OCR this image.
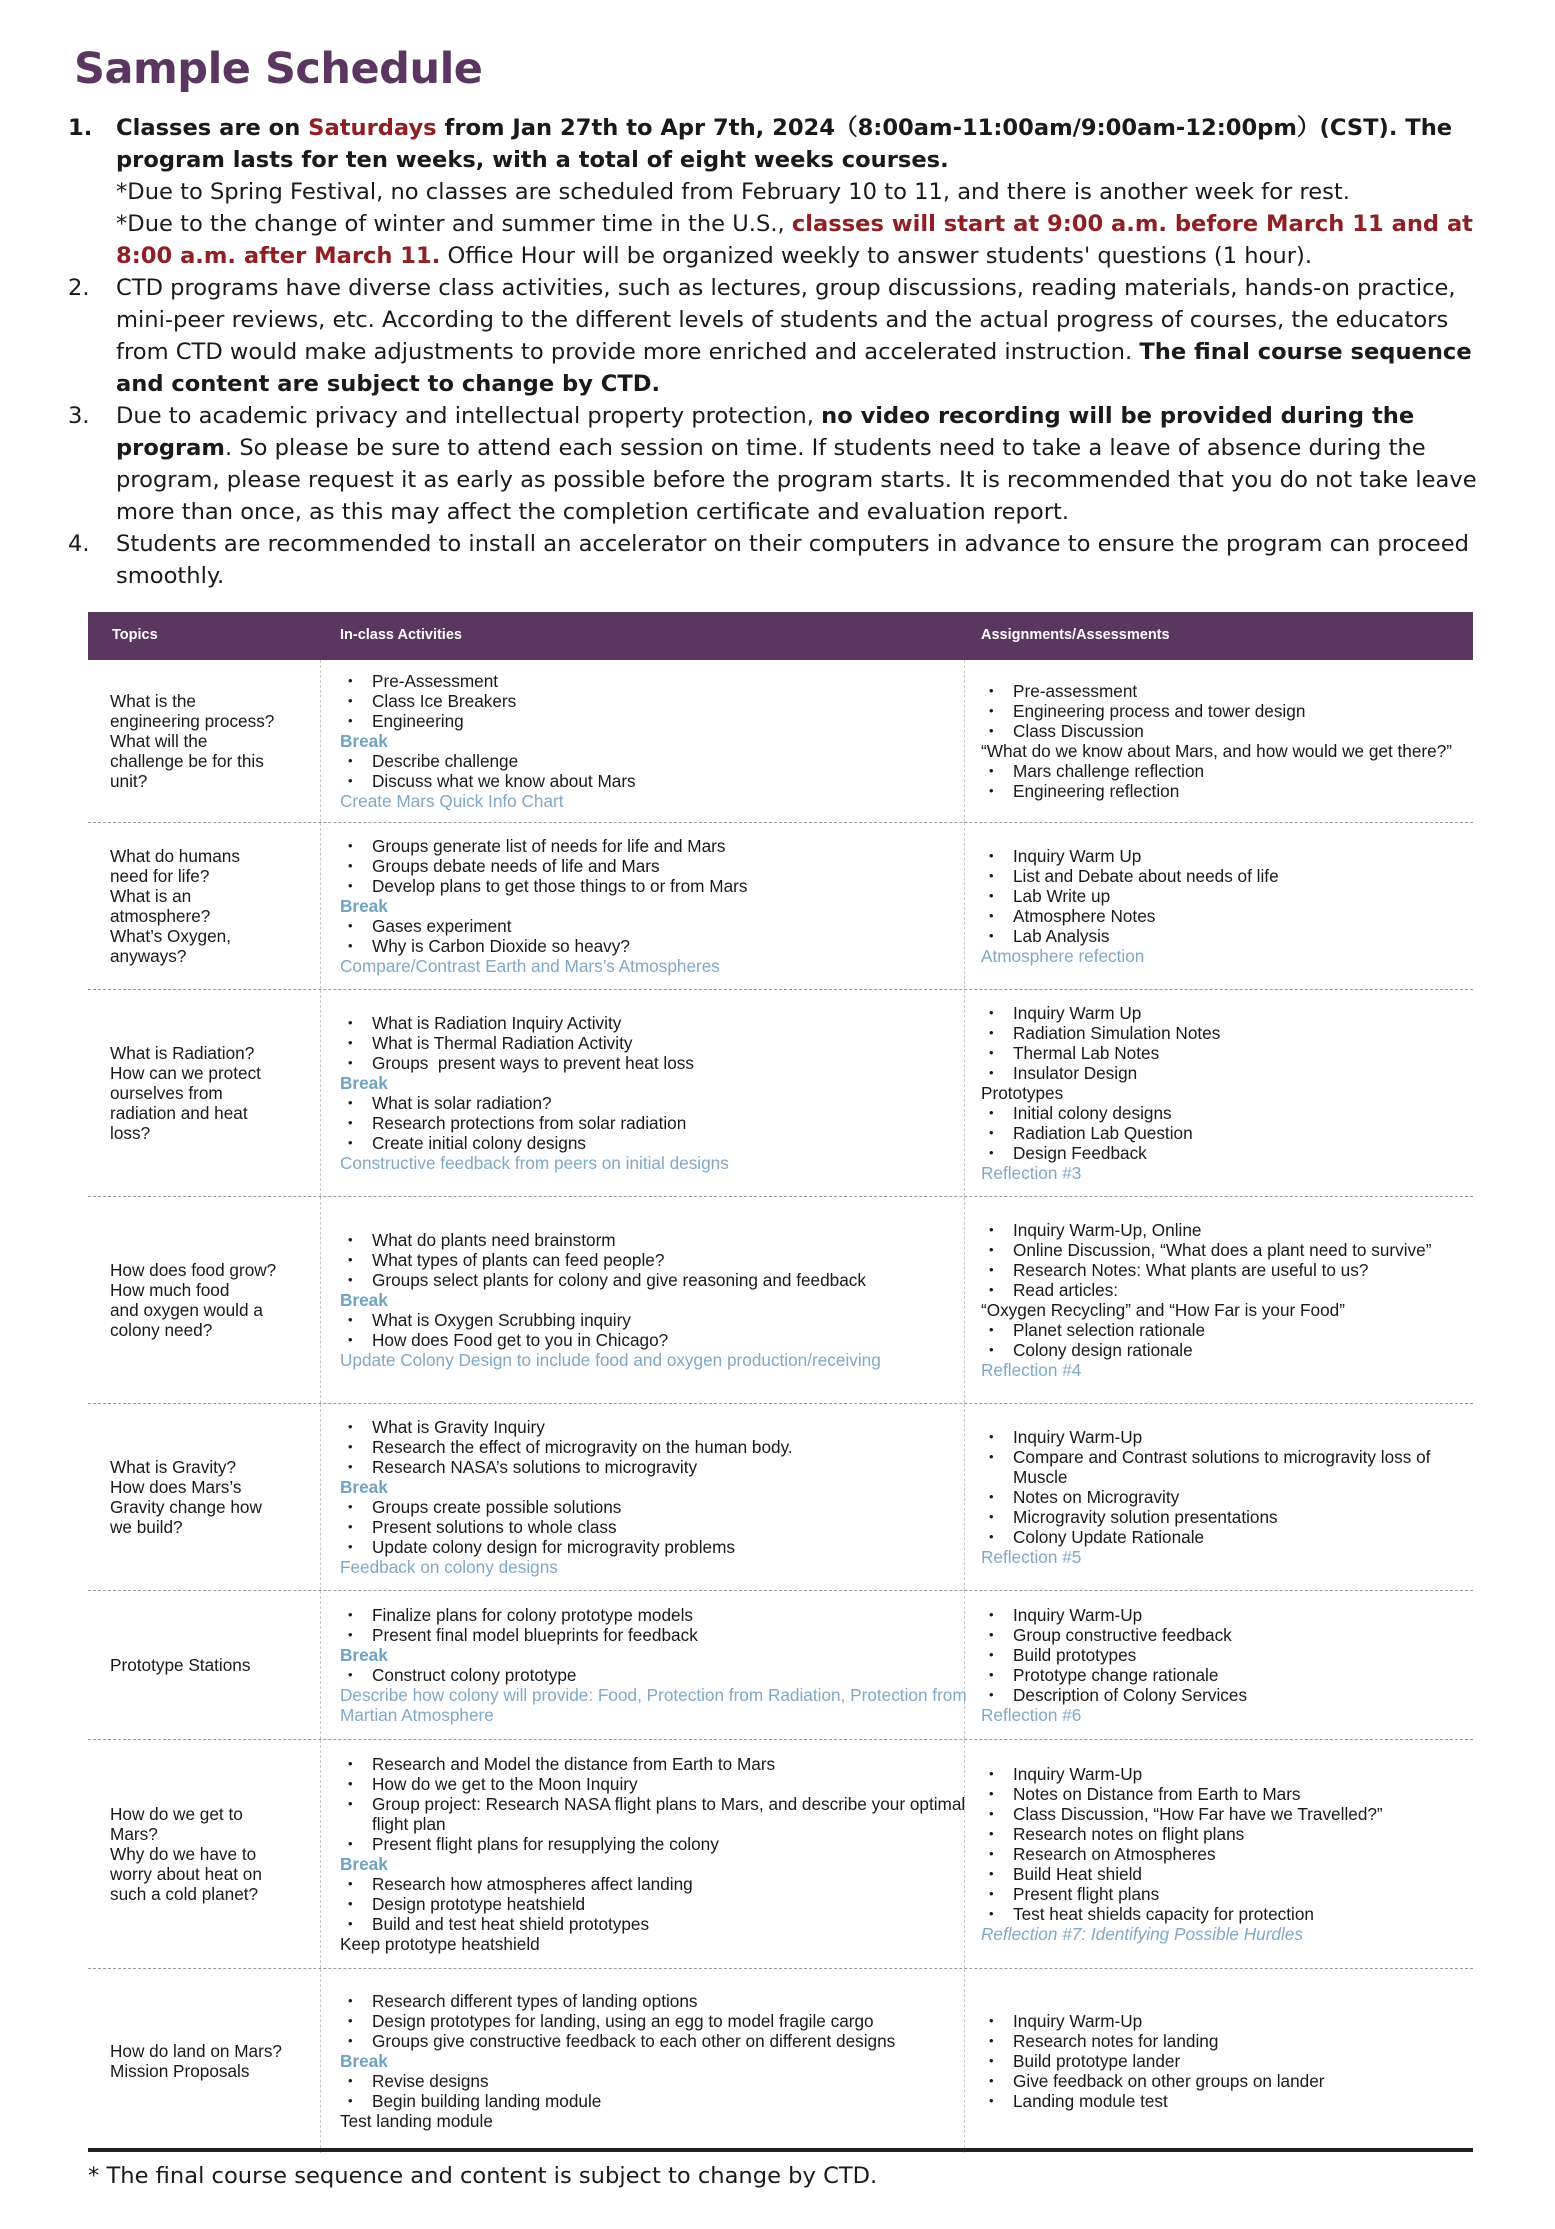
Sample Schedule
1. Classes are on Saturdays from Jan 27th to Apr 7th, 2024（8:00am-11:00am/9:00am-12:00pm）(CST). The program lasts for ten weeks, with a total of eight weeks courses.
*Due to Spring Festival, no classes are scheduled from February 10 to 11, and there is another week for rest.
*Due to the change of winter and summer time in the U.S., classes will start at 9:00 a.m. before March 11 and at 8:00 a.m. after March 11. Office Hour will be organized weekly to answer students' questions (1 hour).
2. CTD programs have diverse class activities, such as lectures, group discussions, reading materials, hands-on practice, mini-peer reviews, etc. According to the different levels of students and the actual progress of courses, the educators from CTD would make adjustments to provide more enriched and accelerated instruction. The final course sequence and content are subject to change by CTD.
3. Due to academic privacy and intellectual property protection, no video recording will be provided during the program. So please be sure to attend each session on time. If students need to take a leave of absence during the program, please request it as early as possible before the program starts. It is recommended that you do not take leave more than once, as this may affect the completion certificate and evaluation report.
4. Students are recommended to install an accelerator on their computers in advance to ensure the program can proceed smoothly.
Topics	In-class Activities	Assignments/Assessments
What is the
engineering process?
What will the
challenge be for this
unit?
• Pre-Assessment
• Class Ice Breakers
• Engineering
Break
• Describe challenge
• Discuss what we know about Mars
Create Mars Quick Info Chart
• Pre-assessment
• Engineering process and tower design
• Class Discussion
“What do we know about Mars, and how would we get there?”
• Mars challenge reflection
• Engineering reflection
What do humans
need for life?
What is an
atmosphere?
What’s Oxygen,
anyways?
• Groups generate list of needs for life and Mars
• Groups debate needs of life and Mars
• Develop plans to get those things to or from Mars
Break
• Gases experiment
• Why is Carbon Dioxide so heavy?
Compare/Contrast Earth and Mars’s Atmospheres
• Inquiry Warm Up
• List and Debate about needs of life
• Lab Write up
• Atmosphere Notes
• Lab Analysis
Atmosphere refection
What is Radiation?
How can we protect
ourselves from
radiation and heat
loss?
• What is Radiation Inquiry Activity
• What is Thermal Radiation Activity
• Groups  present ways to prevent heat loss
Break
• What is solar radiation?
• Research protections from solar radiation
• Create initial colony designs
Constructive feedback from peers on initial designs
• Inquiry Warm Up
• Radiation Simulation Notes
• Thermal Lab Notes
• Insulator Design
Prototypes
• Initial colony designs
• Radiation Lab Question
• Design Feedback
Reflection #3
How does food grow?
How much food
and oxygen would a
colony need?
• What do plants need brainstorm
• What types of plants can feed people?
• Groups select plants for colony and give reasoning and feedback
Break
• What is Oxygen Scrubbing inquiry
• How does Food get to you in Chicago?
Update Colony Design to include food and oxygen production/receiving
• Inquiry Warm-Up, Online
• Online Discussion, “What does a plant need to survive”
• Research Notes: What plants are useful to us?
• Read articles:
“Oxygen Recycling” and “How Far is your Food”
• Planet selection rationale
• Colony design rationale
Reflection #4
What is Gravity?
How does Mars’s
Gravity change how
we build?
• What is Gravity Inquiry
• Research the effect of microgravity on the human body.
• Research NASA’s solutions to microgravity
Break
• Groups create possible solutions
• Present solutions to whole class
• Update colony design for microgravity problems
Feedback on colony designs
• Inquiry Warm-Up
• Compare and Contrast solutions to microgravity loss of Muscle
• Notes on Microgravity
• Microgravity solution presentations
• Colony Update Rationale
Reflection #5
Prototype Stations
• Finalize plans for colony prototype models
• Present final model blueprints for feedback
Break
• Construct colony prototype
Describe how colony will provide: Food, Protection from Radiation, Protection from Martian Atmosphere
• Inquiry Warm-Up
• Group constructive feedback
• Build prototypes
• Prototype change rationale
• Description of Colony Services
Reflection #6
How do we get to
Mars?
Why do we have to
worry about heat on
such a cold planet?
• Research and Model the distance from Earth to Mars
• How do we get to the Moon Inquiry
• Group project: Research NASA flight plans to Mars, and describe your optimal flight plan
• Present flight plans for resupplying the colony
Break
• Research how atmospheres affect landing
• Design prototype heatshield
• Build and test heat shield prototypes
Keep prototype heatshield
• Inquiry Warm-Up
• Notes on Distance from Earth to Mars
• Class Discussion, “How Far have we Travelled?”
• Research notes on flight plans
• Research on Atmospheres
• Build Heat shield
• Present flight plans
• Test heat shields capacity for protection
Reflection #7: Identifying Possible Hurdles
How do land on Mars?
Mission Proposals
• Research different types of landing options
• Design prototypes for landing, using an egg to model fragile cargo
• Groups give constructive feedback to each other on different designs
Break
• Revise designs
• Begin building landing module
Test landing module
• Inquiry Warm-Up
• Research notes for landing
• Build prototype lander
• Give feedback on other groups on lander
• Landing module test
* The final course sequence and content is subject to change by CTD.
